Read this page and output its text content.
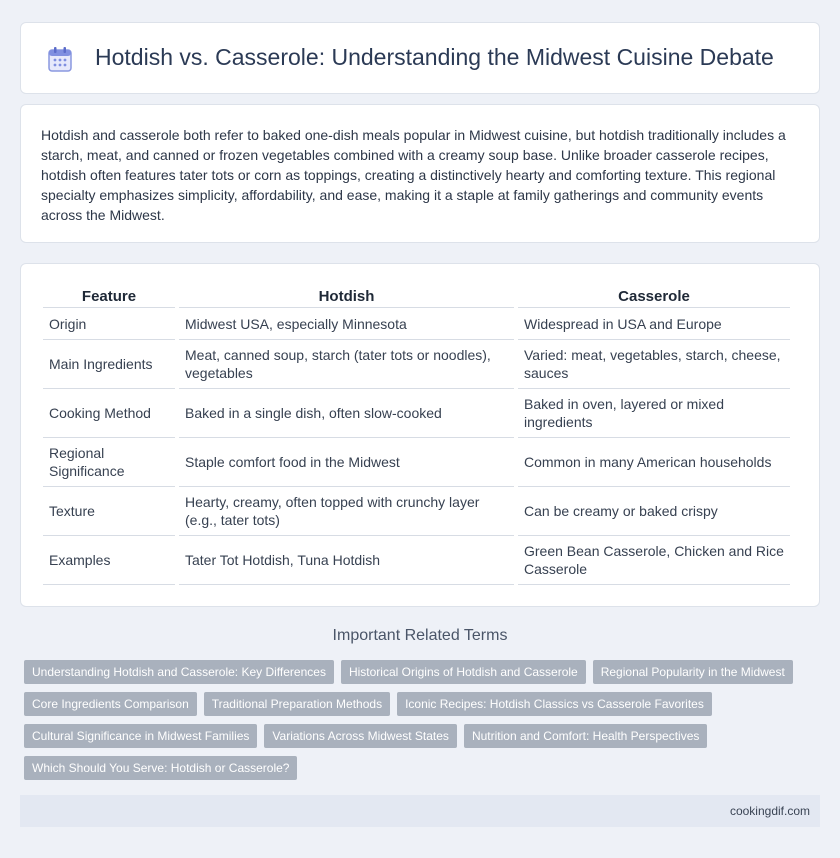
Hotdish vs. Casserole: Understanding the Midwest Cuisine Debate

Hotdish and casserole both refer to baked one-dish meals popular in Midwest cuisine, but hotdish traditionally includes a starch, meat, and canned or frozen vegetables combined with a creamy soup base. Unlike broader casserole recipes, hotdish often features tater tots or corn as toppings, creating a distinctively hearty and comforting texture. This regional specialty emphasizes simplicity, affordability, and ease, making it a staple at family gatherings and community events across the Midwest.

Feature	Hotdish	Casserole
Origin	Midwest USA, especially Minnesota	Widespread in USA and Europe
Main Ingredients	Meat, canned soup, starch (tater tots or noodles), vegetables	Varied: meat, vegetables, starch, cheese, sauces
Cooking Method	Baked in a single dish, often slow-cooked	Baked in oven, layered or mixed ingredients
Regional Significance	Staple comfort food in the Midwest	Common in many American households
Texture	Hearty, creamy, often topped with crunchy layer (e.g., tater tots)	Can be creamy or baked crispy
Examples	Tater Tot Hotdish, Tuna Hotdish	Green Bean Casserole, Chicken and Rice Casserole
Important Related Terms
Understanding Hotdish and Casserole: Key Differences	Historical Origins of Hotdish and Casserole	Regional Popularity in the Midwest
Core Ingredients Comparison	Traditional Preparation Methods	Iconic Recipes: Hotdish Classics vs Casserole Favorites
Cultural Significance in Midwest Families	Variations Across Midwest States	Nutrition and Comfort: Health Perspectives
Which Should You Serve: Hotdish or Casserole?
cookingdif.com
